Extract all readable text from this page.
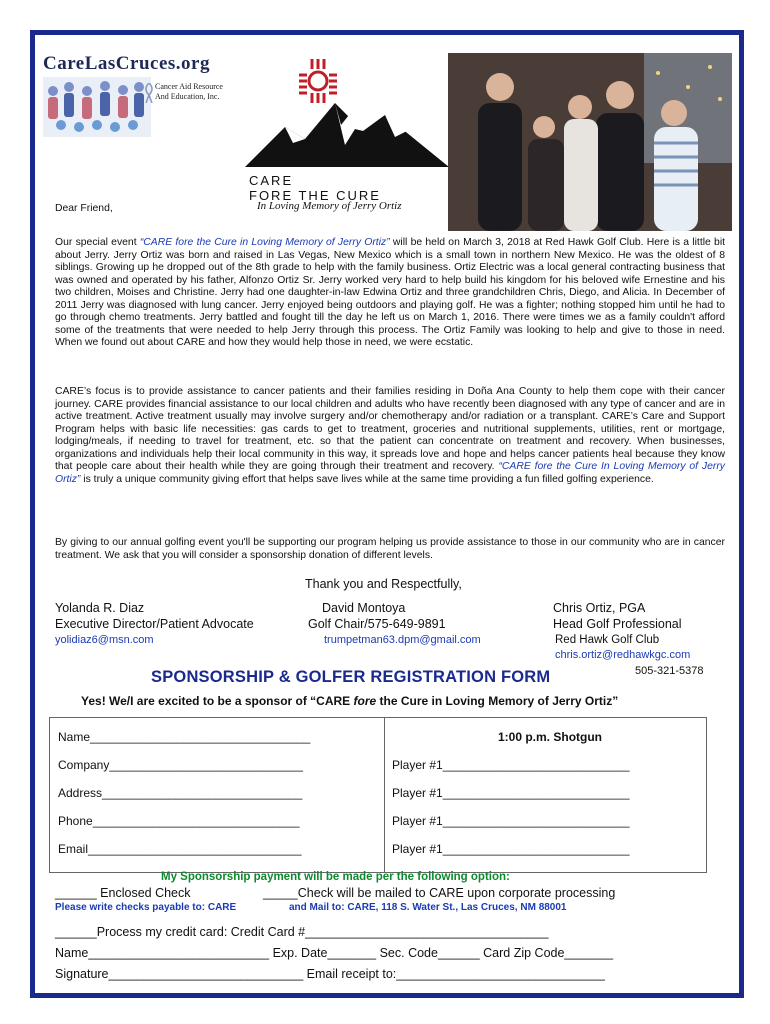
CareLasCruces.org
Cancer Aid Resource
And Education, Inc.
CARE
FORE THE CURE
In Loving Memory of Jerry Ortiz
Dear Friend,
Our special event “CARE fore the Cure in Loving Memory of Jerry Ortiz” will be held on March 3, 2018 at Red Hawk Golf Club. Here is a little bit about Jerry. Jerry Ortiz was born and raised in Las Vegas, New Mexico which is a small town in northern New Mexico. He was the oldest of 8 siblings. Growing up he dropped out of the 8th grade to help with the family business. Ortiz Electric was a local general contracting business that was owned and operated by his father, Alfonzo Ortiz Sr. Jerry worked very hard to help build his kingdom for his beloved wife Ernestine and his two children, Moises and Christine. Jerry had one daughter-in-law Edwina Ortiz and three grandchildren Chris, Diego, and Alicia. In December of 2011 Jerry was diagnosed with lung cancer. Jerry enjoyed being outdoors and playing golf. He was a fighter; nothing stopped him until he had to go through chemo treatments. Jerry battled and fought till the day he left us on March 1, 2016. There were times we as a family couldn't afford some of the treatments that were needed to help Jerry through this process. The Ortiz Family was looking to help and give to those in need. When we found out about CARE and how they would help those in need, we were ecstatic.
CARE’s focus is to provide assistance to cancer patients and their families residing in Doña Ana County to help them cope with their cancer journey. CARE provides financial assistance to our local children and adults who have recently been diagnosed with any type of cancer and are in active treatment. Active treatment usually may involve surgery and/or chemotherapy and/or radiation or a transplant. CARE’s Care and Support Program helps with basic life necessities: gas cards to get to treatment, groceries and nutritional supplements, utilities, rent or mortgage, lodging/meals, if needing to travel for treatment, etc. so that the patient can concentrate on treatment and recovery. When businesses, organizations and individuals help their local community in this way, it spreads love and hope and helps cancer patients heal because they know that people care about their health while they are going through their treatment and recovery. “CARE fore the Cure In Loving Memory of Jerry Ortiz” is truly a unique community giving effort that helps save lives while at the same time providing a fun filled golfing experience.
By giving to our annual golfing event you'll be supporting our program helping us provide assistance to those in our community who are in cancer treatment. We ask that you will consider a sponsorship donation of different levels.
Thank you and Respectfully,
Yolanda R. Diaz
Executive Director/Patient Advocate
yolidiaz6@msn.com
David Montoya
Golf Chair/575-649-9891
trumpetman63.dpm@gmail.com
Chris Ortiz, PGA
Head Golf Professional
Red Hawk Golf Club
chris.ortiz@redhawkgc.com
505-321-5378
SPONSORSHIP & GOLFER REGISTRATION FORM
Yes! We/I are excited to be a sponsor of “CARE fore the Cure in Loving Memory of Jerry Ortiz”
Name_________________________________
Company_____________________________
Address______________________________
Phone_______________________________
Email________________________________
1:00 p.m. Shotgun
Player #1____________________________
Player #1____________________________
Player #1____________________________
Player #1____________________________
My Sponsorship payment will be made per the following option:
______ Enclosed Check	_____Check will be mailed to CARE upon corporate processing
Please write checks payable to: CARE	and Mail to: CARE, 118 S. Water St., Las Cruces, NM 88001
______Process my credit card: Credit Card #___________________________________
Name__________________________ Exp. Date_______ Sec. Code______ Card Zip Code_______
Signature____________________________ Email receipt to:______________________________
